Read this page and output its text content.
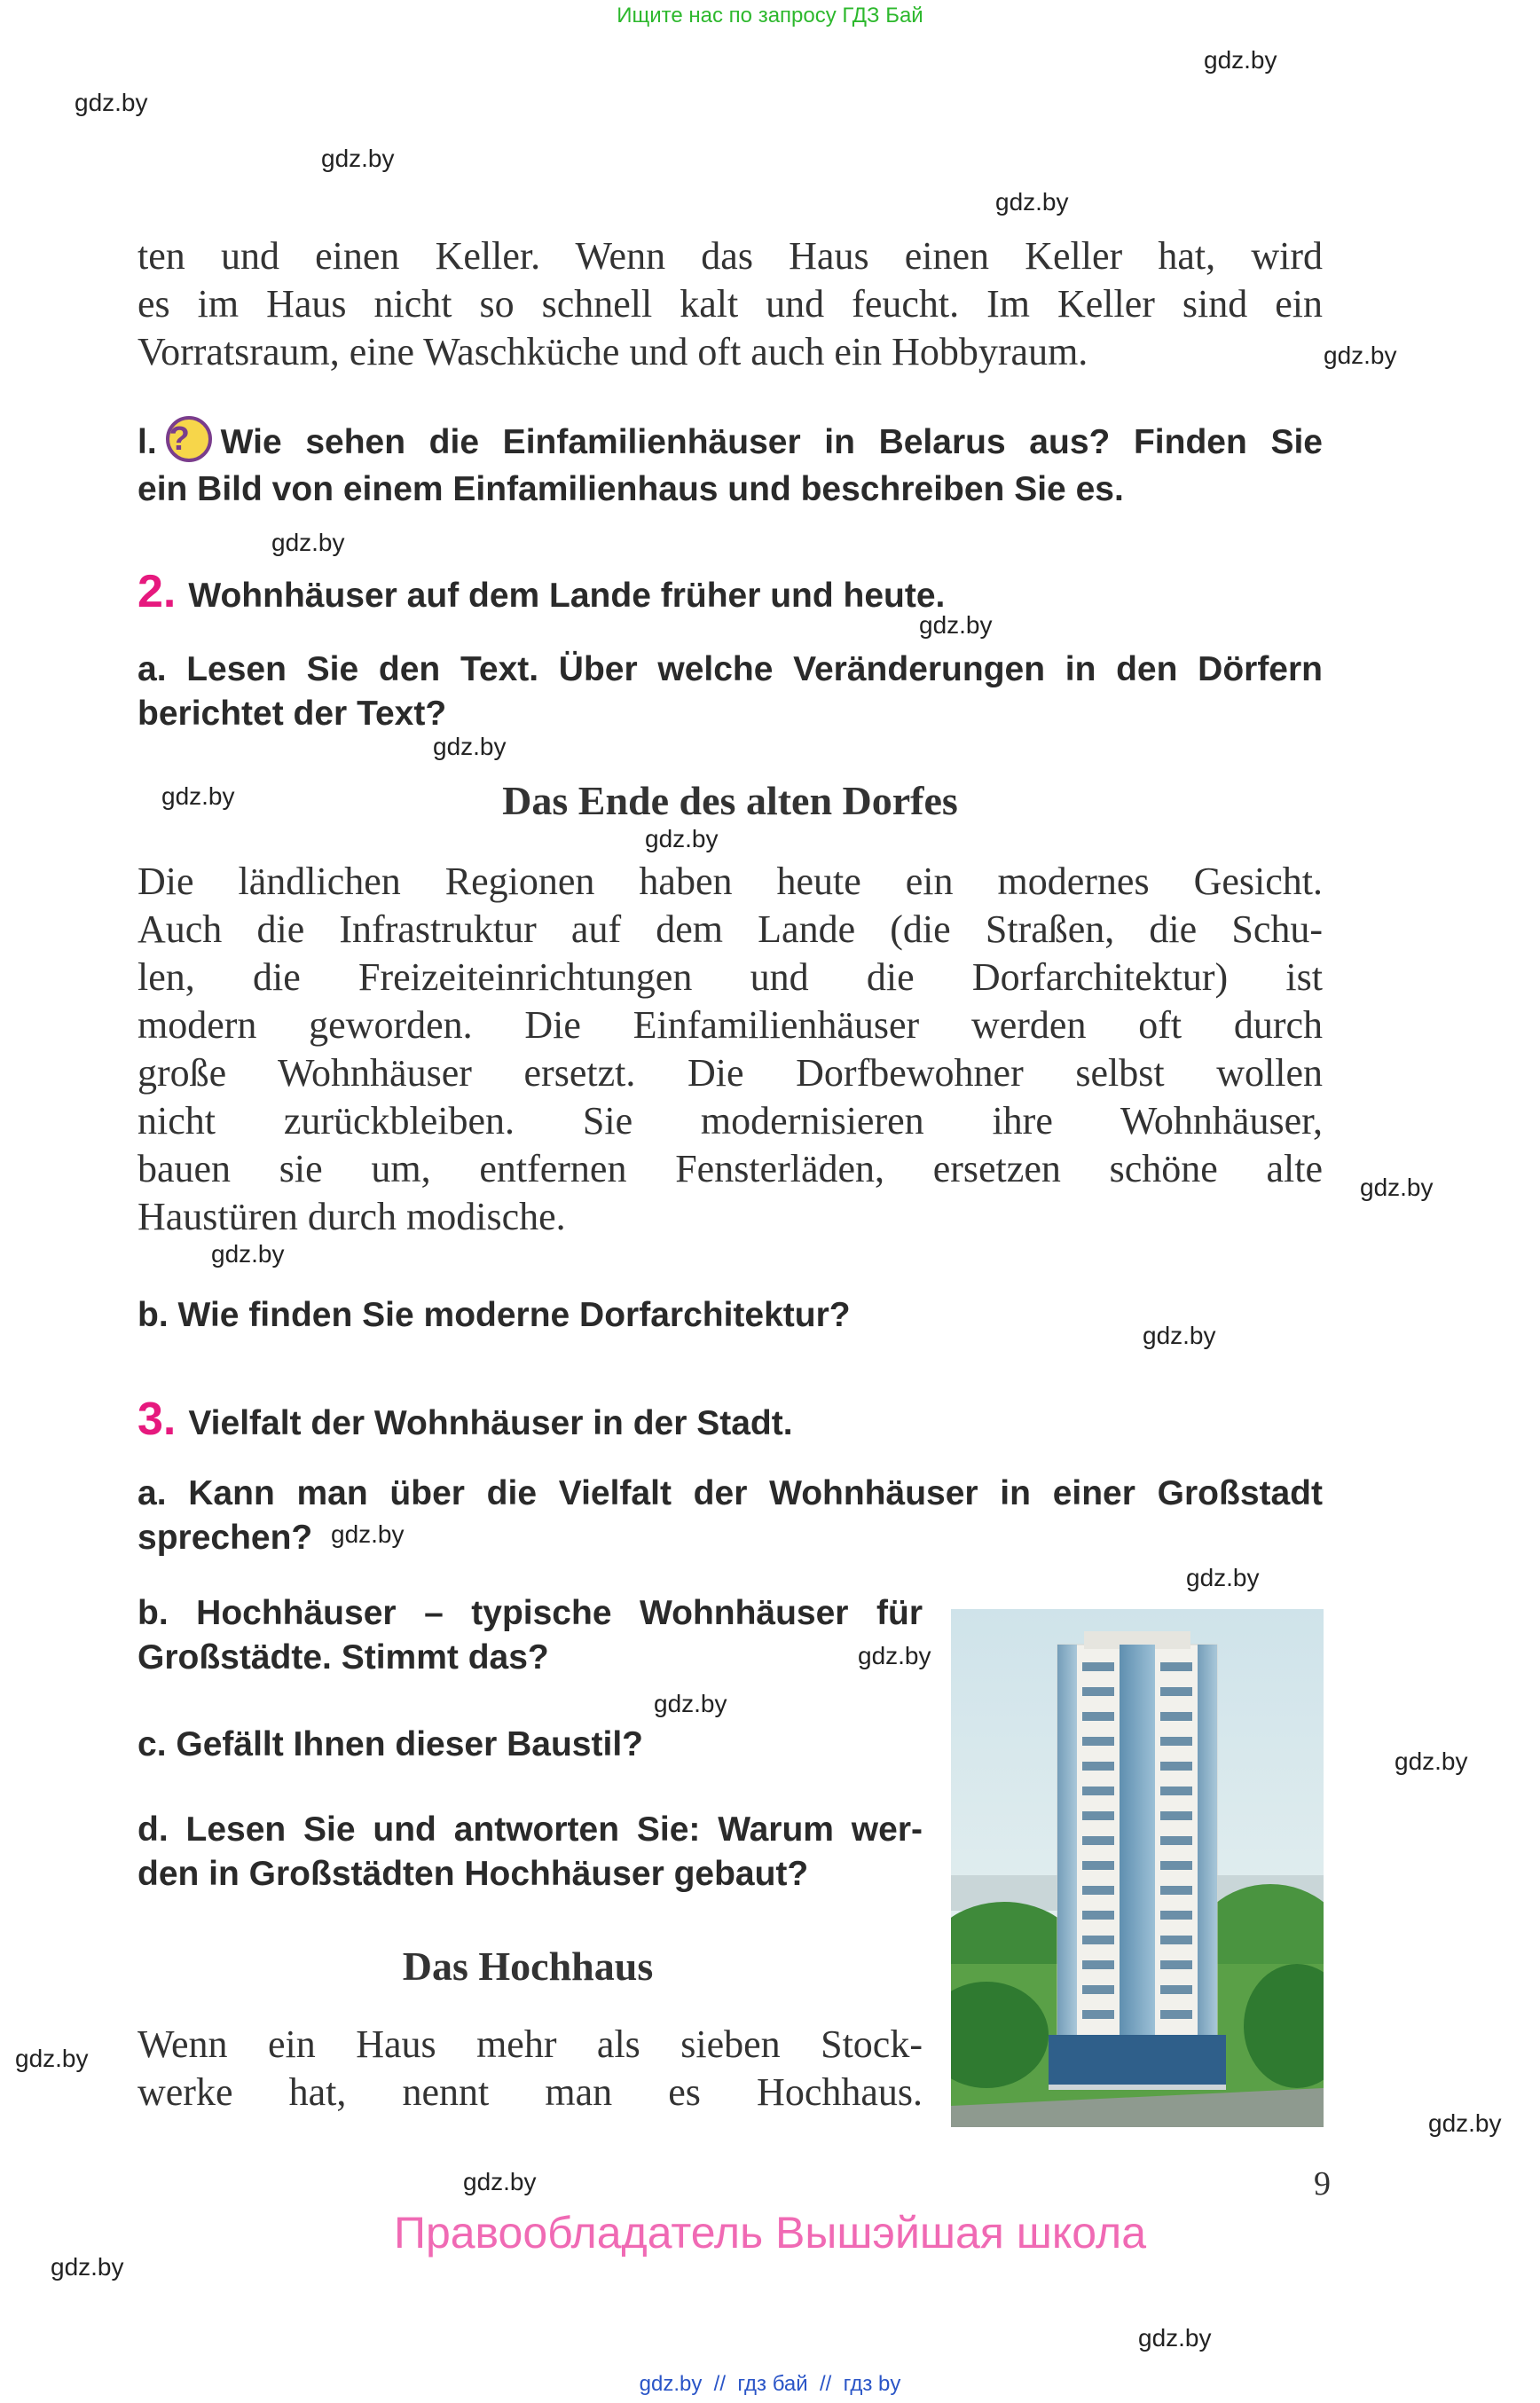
Ищите нас по запросу ГДЗ Бай
gdz.by
gdz.by
gdz.by
gdz.by
gdz.by
gdz.by
gdz.by
gdz.by
gdz.by
gdz.by
gdz.by
gdz.by
gdz.by
gdz.by
gdz.by
gdz.by
gdz.by
gdz.by
gdz.by
gdz.by
gdz.by
gdz.by
gdz.by
ten und einen Keller. Wenn das Haus einen Keller hat, wird
es im Haus nicht so schnell kalt und feucht. Im Keller sind ein
Vorratsraum, eine Waschküche und oft auch ein Hobbyraum.
l. ? Wie sehen die Einfamilienhäuser in Belarus aus? Finden Sie
ein Bild von einem Einfamilienhaus und beschreiben Sie es.
2. Wohnhäuser auf dem Lande früher und heute.
a. Lesen Sie den Text. Über welche Veränderungen in den Dörfern
berichtet der Text?
Das Ende des alten Dorfes
Die ländlichen Regionen haben heute ein modernes Gesicht.
Auch die Infrastruktur auf dem Lande (die Straßen, die Schu-
len, die Freizeiteinrichtungen und die Dorfarchitektur) ist
modern geworden. Die Einfamilienhäuser werden oft durch
große Wohnhäuser ersetzt. Die Dorfbewohner selbst wollen
nicht zurückbleiben. Sie modernisieren ihre Wohnhäuser,
bauen sie um, entfernen Fensterläden, ersetzen schöne alte
Haustüren durch modische.
b. Wie finden Sie moderne Dorfarchitektur?
3. Vielfalt der Wohnhäuser in der Stadt.
a. Kann man über die Vielfalt der Wohnhäuser in einer Großstadt
sprechen?
b. Hochhäuser – typische Wohnhäuser für
Großstädte. Stimmt das?
c. Gefällt Ihnen dieser Baustil?
d. Lesen Sie und antworten Sie: Warum wer-
den in Großstädten Hochhäuser gebaut?
Das Hochhaus
Wenn ein Haus mehr als sieben Stock-
werke hat, nennt man es Hochhaus.
9
Правообладатель Вышэйшая школа
gdz.by  //  гдз бай  //  гдз by
